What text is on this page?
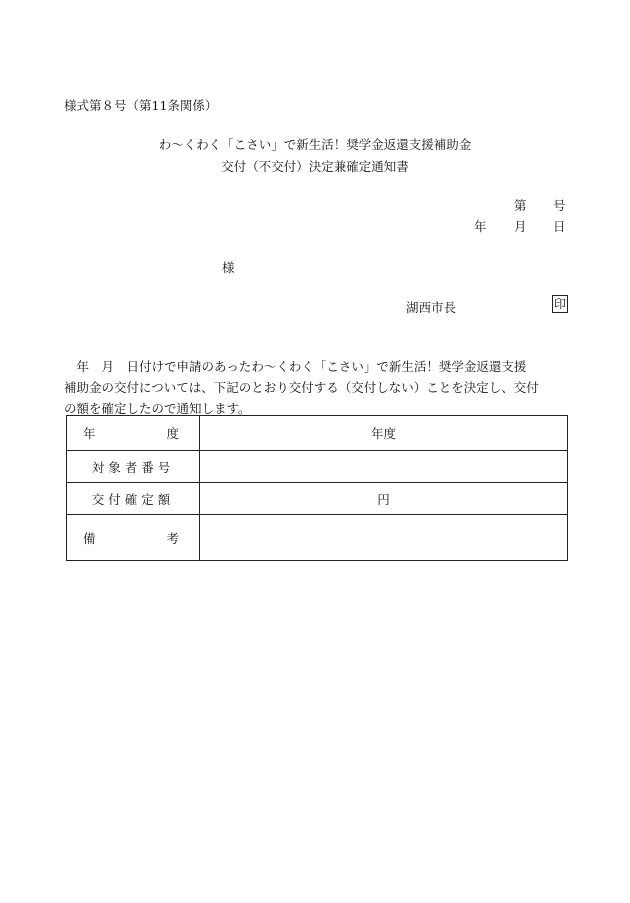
様式第８号（第11条関係）
わ～くわく「こさい」で新生活！奨学金返還支援補助金
交付（不交付）決定兼確定通知書
第 号
年 月 日
様
湖西市長	印
　年　月　日付けで申請のあったわ～くわく「こさい」で新生活！奨学金返還支援
補助金の交付については、下記のとおり交付する（交付しない）ことを決定し、交付
の額を確定したので通知します。
年 度	年度

対象者番号	

交付確定額	円

備 考	
